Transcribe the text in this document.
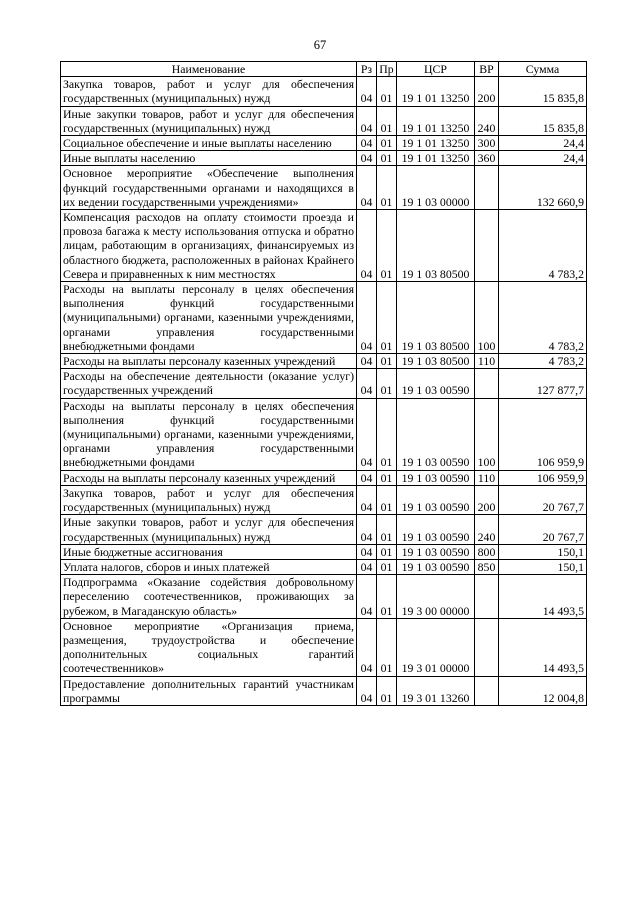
67
Наименование	Рз	Пр	ЦСР	ВР	Сумма
Закупка товаров, работ и услуг для обеспечения государственных (муниципальных) нужд	04	01	19 1 01 13250	200	15 835,8
Иные закупки товаров, работ и услуг для обеспечения государственных (муниципальных) нужд	04	01	19 1 01 13250	240	15 835,8
Социальное обеспечение и иные выплаты населению	04	01	19 1 01 13250	300	24,4
Иные выплаты населению	04	01	19 1 01 13250	360	24,4
Основное мероприятие «Обеспечение выполнения функций государственными органами и находящихся в их ведении государственными учреждениями»	04	01	19 1 03 00000		132 660,9
Компенсация расходов на оплату стоимости проезда и провоза багажа к месту использования отпуска и обратно лицам, работающим в организациях, финансируемых из областного бюджета, расположенных в районах Крайнего Севера и приравненных к ним местностях	04	01	19 1 03 80500		4 783,2
Расходы на выплаты персоналу в целях обеспечения выполнения функций государственными (муниципальными) органами, казенными учреждениями, органами управления государственными внебюджетными фондами	04	01	19 1 03 80500	100	4 783,2
Расходы на выплаты персоналу казенных учреждений	04	01	19 1 03 80500	110	4 783,2
Расходы на обеспечение деятельности (оказание услуг) государственных учреждений	04	01	19 1 03 00590		127 877,7
Расходы на выплаты персоналу в целях обеспечения выполнения функций государственными (муниципальными) органами, казенными учреждениями, органами управления государственными внебюджетными фондами	04	01	19 1 03 00590	100	106 959,9
Расходы на выплаты персоналу казенных учреждений	04	01	19 1 03 00590	110	106 959,9
Закупка товаров, работ и услуг для обеспечения государственных (муниципальных) нужд	04	01	19 1 03 00590	200	20 767,7
Иные закупки товаров, работ и услуг для обеспечения государственных (муниципальных) нужд	04	01	19 1 03 00590	240	20 767,7
Иные бюджетные ассигнования	04	01	19 1 03 00590	800	150,1
Уплата налогов, сборов и иных платежей	04	01	19 1 03 00590	850	150,1
Подпрограмма «Оказание содействия добровольному переселению соотечественников, проживающих за рубежом, в Магаданскую область»	04	01	19 3 00 00000		14 493,5
Основное мероприятие «Организация приема, размещения, трудоустройства и обеспечение дополнительных социальных гарантий соотечественников»	04	01	19 3 01 00000		14 493,5
Предоставление дополнительных гарантий участникам программы	04	01	19 3 01 13260		12 004,8
